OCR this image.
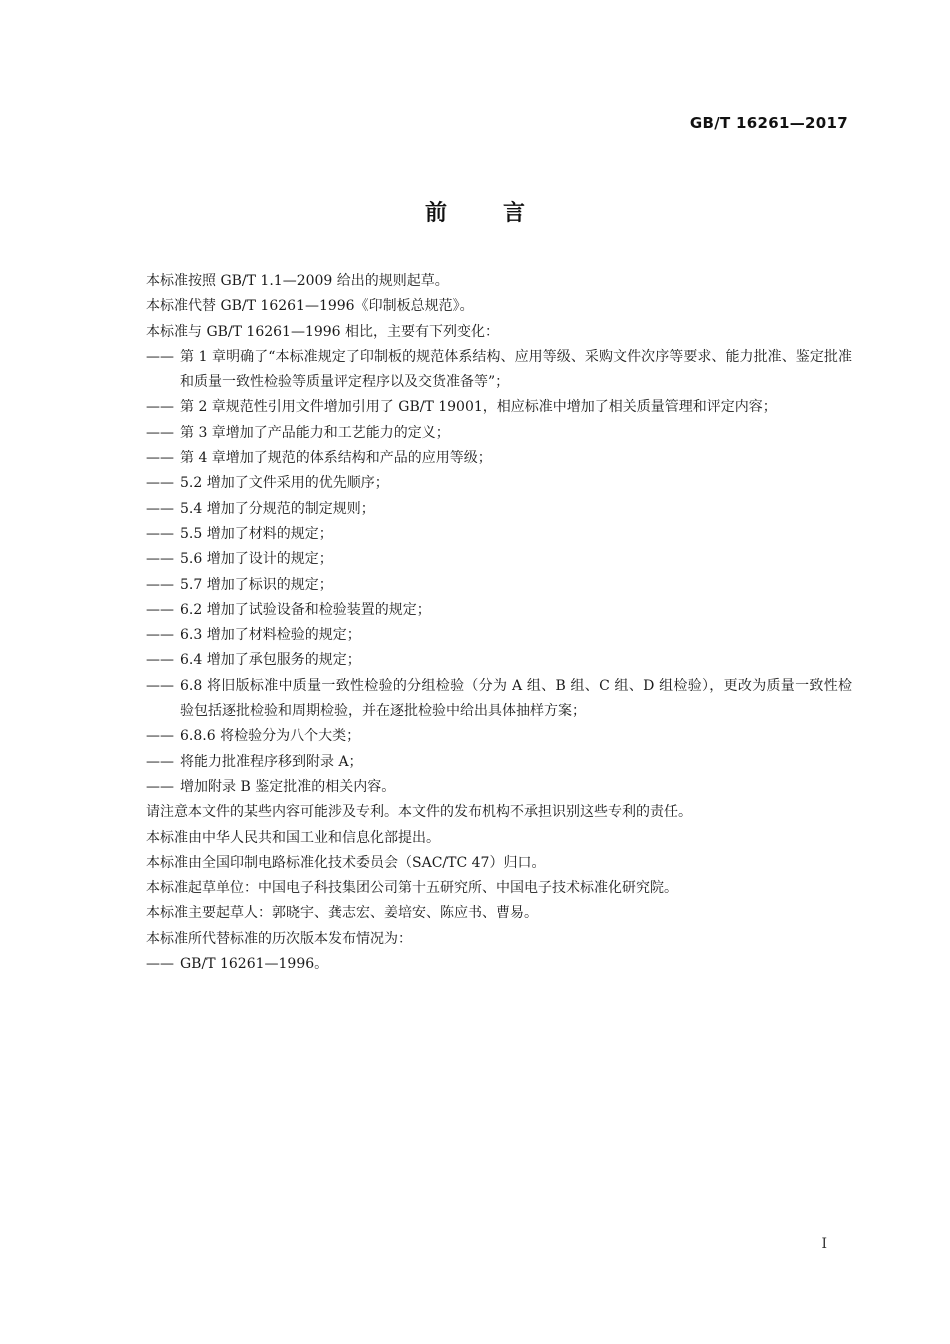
GB/T 16261—2017
前言

本标准按照 GB/T 1.1—2009 给出的规则起草。

本标准代替 GB/T 16261—1996《印制板总规范》。

本标准与 GB/T 16261—1996 相比，主要有下列变化：

—— 第 1 章明确了“本标准规定了印制板的规范体系结构、应用等级、采购文件次序等要求、能力批准、鉴定批准和质量一致性检验等质量评定程序以及交货准备等”；

—— 第 2 章规范性引用文件增加引用了 GB/T 19001，相应标准中增加了相关质量管理和评定内容；

—— 第 3 章增加了产品能力和工艺能力的定义；

—— 第 4 章增加了规范的体系结构和产品的应用等级；

—— 5.2 增加了文件采用的优先顺序；

—— 5.4 增加了分规范的制定规则；

—— 5.5 增加了材料的规定；

—— 5.6 增加了设计的规定；

—— 5.7 增加了标识的规定；

—— 6.2 增加了试验设备和检验装置的规定；

—— 6.3 增加了材料检验的规定；

—— 6.4 增加了承包服务的规定；

—— 6.8 将旧版标准中质量一致性检验的分组检验（分为 A 组、B 组、C 组、D 组检验），更改为质量一致性检验包括逐批检验和周期检验，并在逐批检验中给出具体抽样方案；

—— 6.8.6 将检验分为八个大类；

—— 将能力批准程序移到附录 A；

—— 增加附录 B 鉴定批准的相关内容。

请注意本文件的某些内容可能涉及专利。本文件的发布机构不承担识别这些专利的责任。

本标准由中华人民共和国工业和信息化部提出。

本标准由全国印制电路标准化技术委员会（SAC/TC 47）归口。

本标准起草单位：中国电子科技集团公司第十五研究所、中国电子技术标准化研究院。

本标准主要起草人：郭晓宇、龚志宏、姜培安、陈应书、曹易。

本标准所代替标准的历次版本发布情况为：

—— GB/T 16261—1996。

I
